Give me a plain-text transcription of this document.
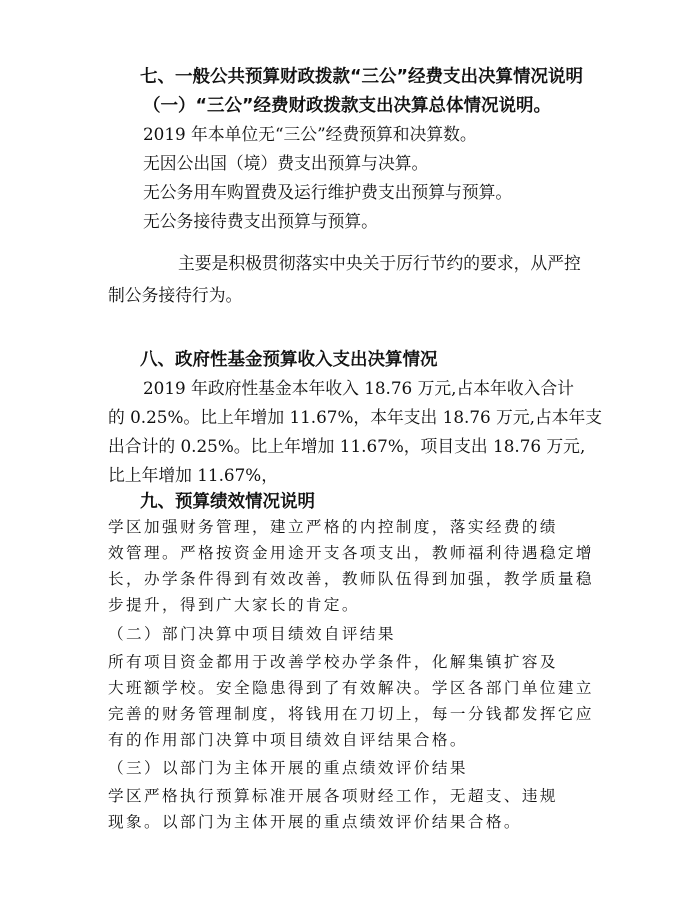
七、一般公共预算财政拨款“三公”经费支出决算情况说明

（一）“三公”经费财政拨款支出决算总体情况说明。

2019 年本单位无“三公”经费预算和决算数。

无因公出国（境）费支出预算与决算。

无公务用车购置费及运行维护费支出预算与预算。

无公务接待费支出预算与预算。

主要是积极贯彻落实中央关于厉行节约的要求，从严控

制公务接待行为。

八、政府性基金预算收入支出决算情况

2019 年政府性基金本年收入 18.76 万元,占本年收入合计

的 0.25%。比上年增加 11.67%，本年支出 18.76 万元,占本年支

出合计的 0.25%。比上年增加 11.67%，项目支出 18.76 万元,

比上年增加 11.67%，

九、预算绩效情况说明

学区加强财务管理，建立严格的内控制度，落实经费的绩

效管理。严格按资金用途开支各项支出，教师福利待遇稳定增

长，办学条件得到有效改善，教师队伍得到加强，教学质量稳

步提升，得到广大家长的肯定。

（二）部门决算中项目绩效自评结果

所有项目资金都用于改善学校办学条件，化解集镇扩容及

大班额学校。安全隐患得到了有效解决。学区各部门单位建立

完善的财务管理制度，将钱用在刀切上，每一分钱都发挥它应

有的作用部门决算中项目绩效自评结果合格。

（三）以部门为主体开展的重点绩效评价结果

学区严格执行预算标准开展各项财经工作，无超支、违规

现象。以部门为主体开展的重点绩效评价结果合格。
